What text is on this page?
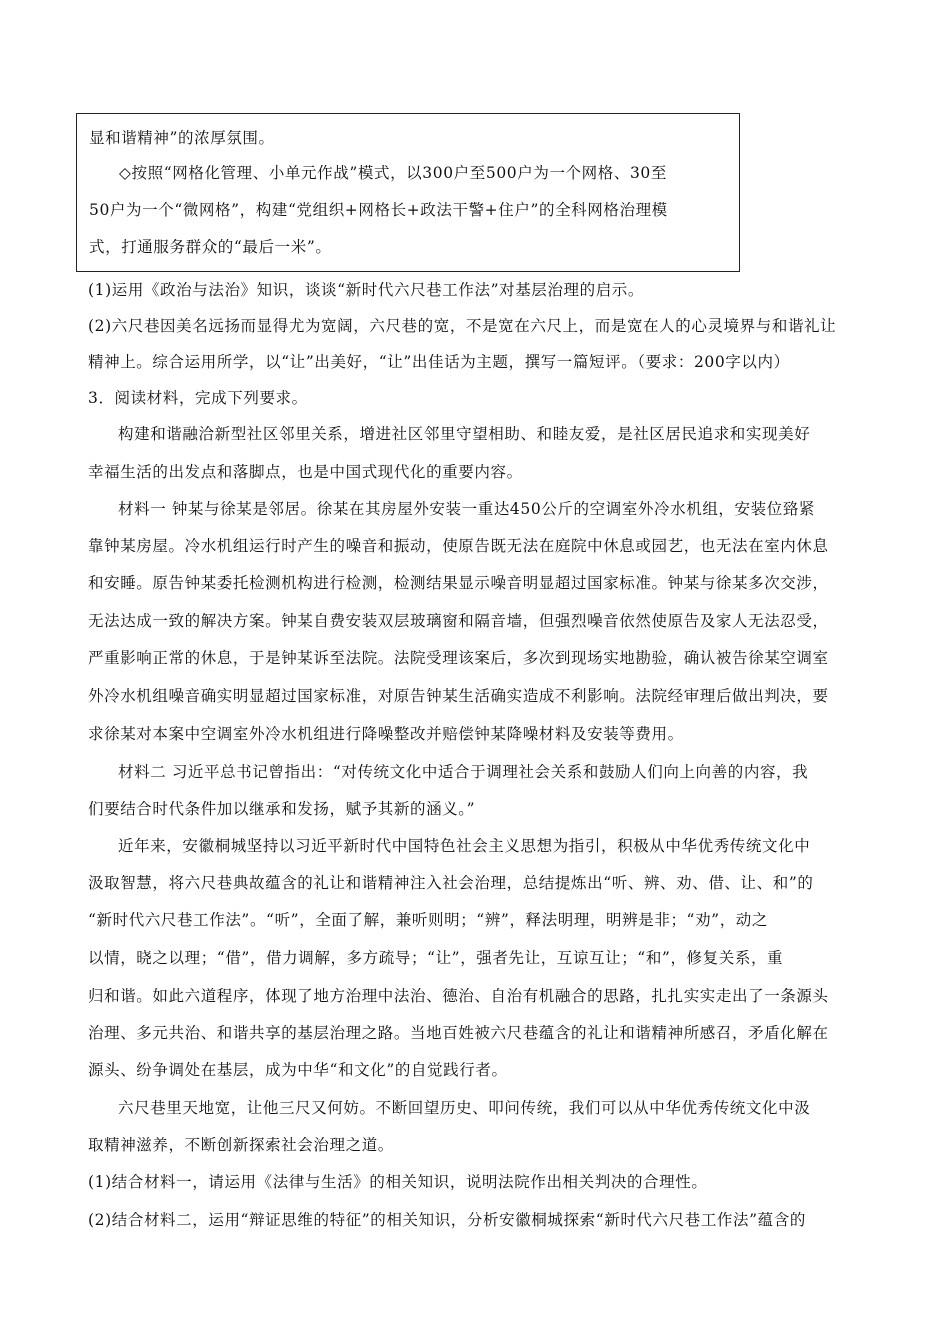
显和谐精神”的浓厚氛围。
◇按照“网格化管理、小单元作战”模式，以300户至500户为一个网格、30至
50户为一个“微网格”，构建“党组织+网格长+政法干警+住户”的全科网格治理模
式，打通服务群众的“最后一米”。
(1)运用《政治与法治》知识，谈谈“新时代六尺巷工作法”对基层治理的启示。
(2)六尺巷因美名远扬而显得尤为宽阔，六尺巷的宽，不是宽在六尺上，而是宽在人的心灵境界与和谐礼让
精神上。综合运用所学，以“让”出美好，“让”出佳话为主题，撰写一篇短评。（要求：200字以内）
3．阅读材料，完成下列要求。
构建和谐融洽新型社区邻里关系，增进社区邻里守望相助、和睦友爱，是社区居民追求和实现美好
幸福生活的出发点和落脚点，也是中国式现代化的重要内容。
材料一 钟某与徐某是邻居。徐某在其房屋外安装一重达450公斤的空调室外冷水机组，安装位臵紧
靠钟某房屋。冷水机组运行时产生的噪音和振动，使原告既无法在庭院中休息或园艺，也无法在室内休息
和安睡。原告钟某委托检测机构进行检测，检测结果显示噪音明显超过国家标准。钟某与徐某多次交涉，
无法达成一致的解决方案。钟某自费安装双层玻璃窗和隔音墙，但强烈噪音依然使原告及家人无法忍受，
严重影响正常的休息，于是钟某诉至法院。法院受理该案后，多次到现场实地勘验，确认被告徐某空调室
外冷水机组噪音确实明显超过国家标准，对原告钟某生活确实造成不利影响。法院经审理后做出判决，要
求徐某对本案中空调室外冷水机组进行降噪整改并赔偿钟某降噪材料及安装等费用。
材料二 习近平总书记曾指出：“对传统文化中适合于调理社会关系和鼓励人们向上向善的内容，我
们要结合时代条件加以继承和发扬，赋予其新的涵义。”
近年来，安徽桐城坚持以习近平新时代中国特色社会主义思想为指引，积极从中华优秀传统文化中
汲取智慧，将六尺巷典故蕴含的礼让和谐精神注入社会治理，总结提炼出“听、辨、劝、借、让、和”的
“新时代六尺巷工作法”。“听”，全面了解，兼听则明；“辨”，释法明理，明辨是非；“劝”，动之
以情，晓之以理；“借”，借力调解，多方疏导；“让”，强者先让，互谅互让；“和”，修复关系，重
归和谐。如此六道程序，体现了地方治理中法治、德治、自治有机融合的思路，扎扎实实走出了一条源头
治理、多元共治、和谐共享的基层治理之路。当地百姓被六尺巷蕴含的礼让和谐精神所感召，矛盾化解在
源头、纷争调处在基层，成为中华“和文化”的自觉践行者。
六尺巷里天地宽，让他三尺又何妨。不断回望历史、叩问传统，我们可以从中华优秀传统文化中汲
取精神滋养，不断创新探索社会治理之道。
(1)结合材料一，请运用《法律与生活》的相关知识，说明法院作出相关判决的合理性。
(2)结合材料二，运用“辩证思维的特征”的相关知识，分析安徽桐城探索“新时代六尺巷工作法”蕴含的
